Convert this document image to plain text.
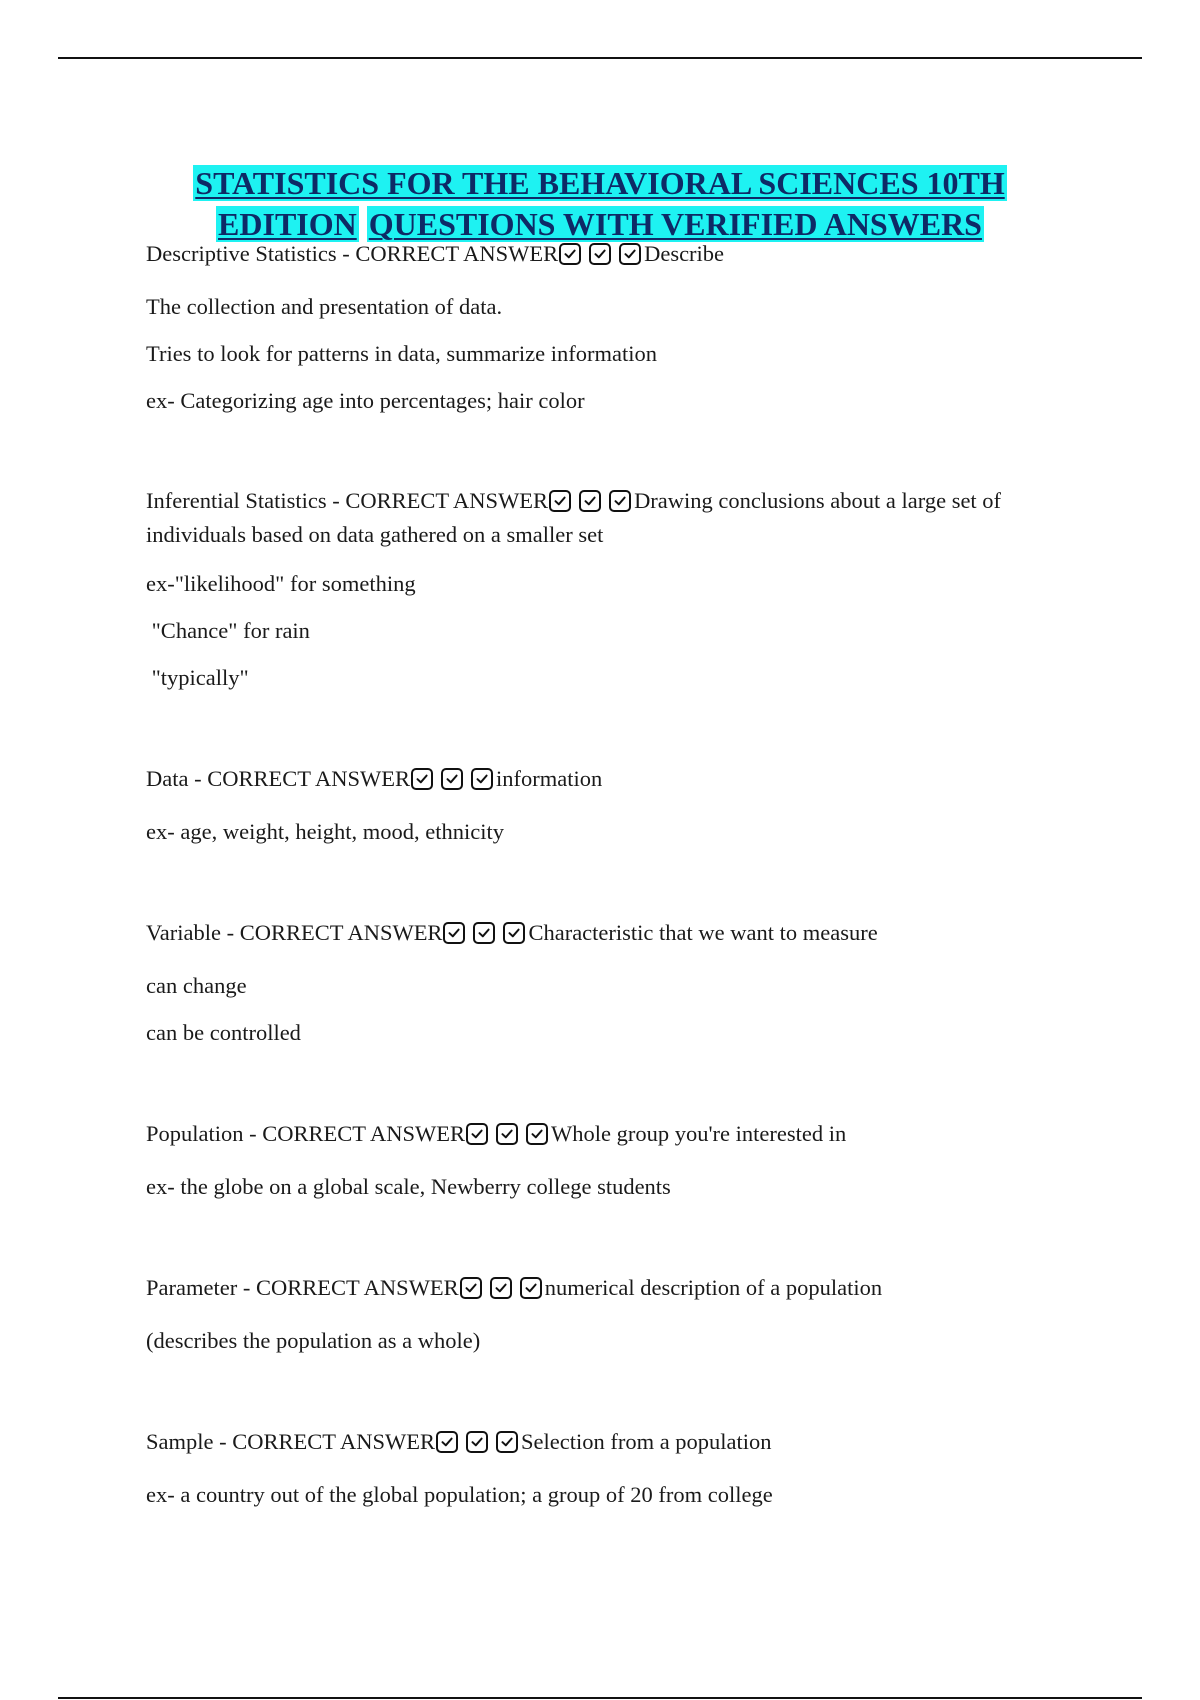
STATISTICS FOR THE BEHAVIORAL SCIENCES 10TH
EDITION QUESTIONS WITH VERIFIED ANSWERS

Descriptive Statistics - CORRECT ANSWER	Describe

The collection and presentation of data.

Tries to look for patterns in data, summarize information

ex- Categorizing age into percentages; hair color

Inferential Statistics - CORRECT ANSWER	Drawing conclusions about a large set of individuals based on data gathered on a smaller set

ex-"likelihood" for something

"Chance" for rain

"typically"

Data - CORRECT ANSWER	information

ex- age, weight, height, mood, ethnicity

Variable - CORRECT ANSWER	Characteristic that we want to measure

can change

can be controlled

Population - CORRECT ANSWER	Whole group you're interested in

ex- the globe on a global scale, Newberry college students

Parameter - CORRECT ANSWER	numerical description of a population

(describes the population as a whole)

Sample - CORRECT ANSWER	Selection from a population

ex- a country out of the global population; a group of 20 from college
